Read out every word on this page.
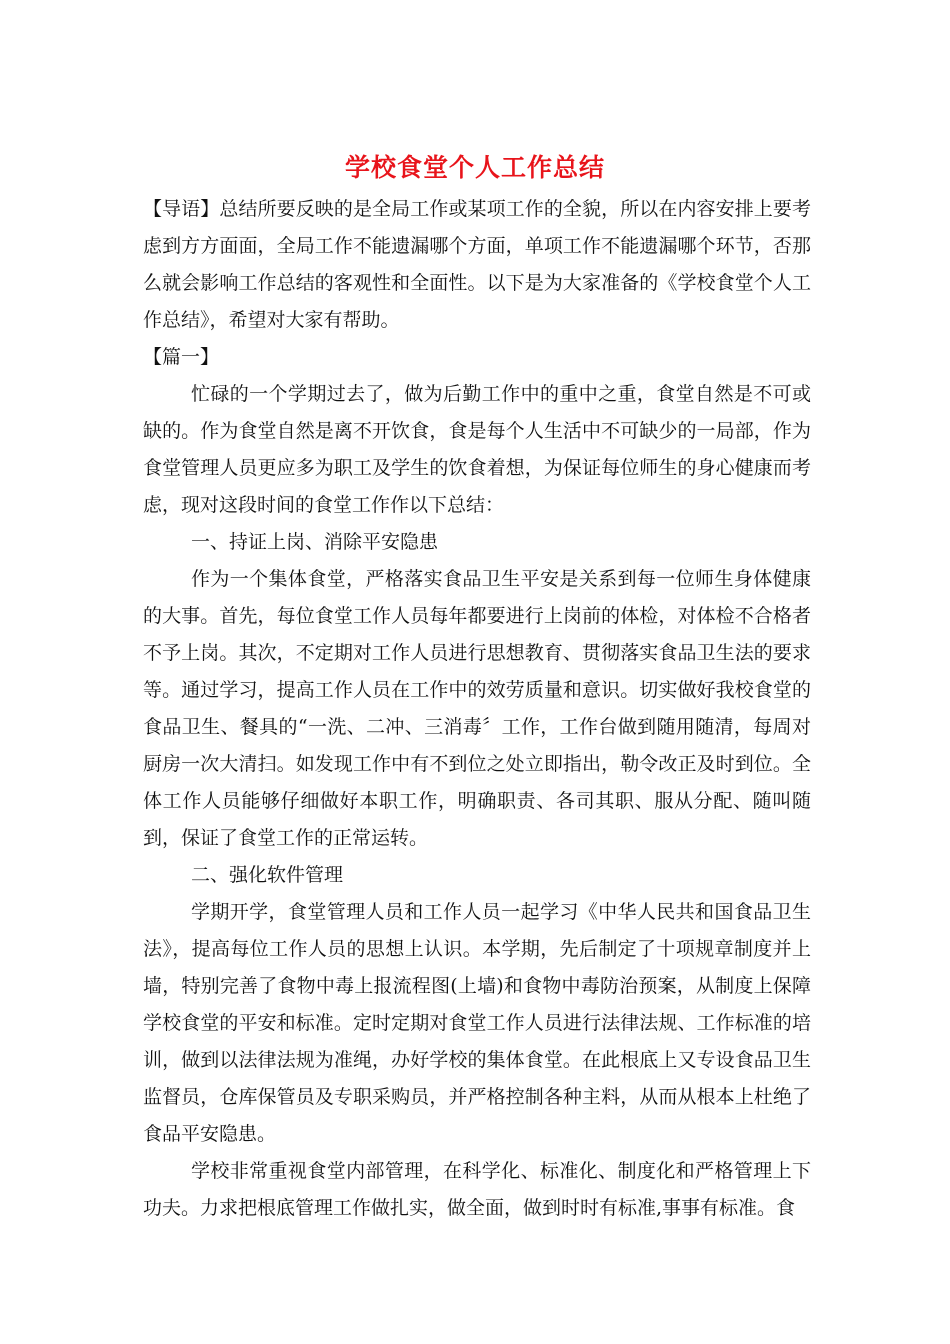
学校食堂个人工作总结

【导语】总结所要反映的是全局工作或某项工作的全貌，所以在内容安排上要考虑到方方面面，全局工作不能遗漏哪个方面，单项工作不能遗漏哪个环节，否那么就会影响工作总结的客观性和全面性。以下是为大家准备的《学校食堂个人工作总结》，希望对大家有帮助。

【篇一】

忙碌的一个学期过去了，做为后勤工作中的重中之重，食堂自然是不可或缺的。作为食堂自然是离不开饮食，食是每个人生活中不可缺少的一局部，作为食堂管理人员更应多为职工及学生的饮食着想，为保证每位师生的身心健康而考虑，现对这段时间的食堂工作作以下总结：

一、持证上岗、消除平安隐患

作为一个集体食堂，严格落实食品卫生平安是关系到每一位师生身体健康的大事。首先，每位食堂工作人员每年都要进行上岗前的体检，对体检不合格者不予上岗。其次，不定期对工作人员进行思想教育、贯彻落实食品卫生法的要求等。通过学习，提高工作人员在工作中的效劳质量和意识。切实做好我校食堂的食品卫生、餐具的“一洗、二冲、三消毒〞工作，工作台做到随用随清，每周对厨房一次大清扫。如发现工作中有不到位之处立即指出，勒令改正及时到位。全体工作人员能够仔细做好本职工作，明确职责、各司其职、服从分配、随叫随到，保证了食堂工作的正常运转。

二、强化软件管理

学期开学，食堂管理人员和工作人员一起学习《中华人民共和国食品卫生法》，提高每位工作人员的思想上认识。本学期，先后制定了十项规章制度并上墙，特别完善了食物中毒上报流程图(上墙)和食物中毒防治预案，从制度上保障学校食堂的平安和标准。定时定期对食堂工作人员进行法律法规、工作标准的培训，做到以法律法规为准绳，办好学校的集体食堂。在此根底上又专设食品卫生监督员，仓库保管员及专职采购员，并严格控制各种主料，从而从根本上杜绝了食品平安隐患。

学校非常重视食堂内部管理，在科学化、标准化、制度化和严格管理上下功夫。力求把根底管理工作做扎实，做全面，做到时时有标准,事事有标准。食
